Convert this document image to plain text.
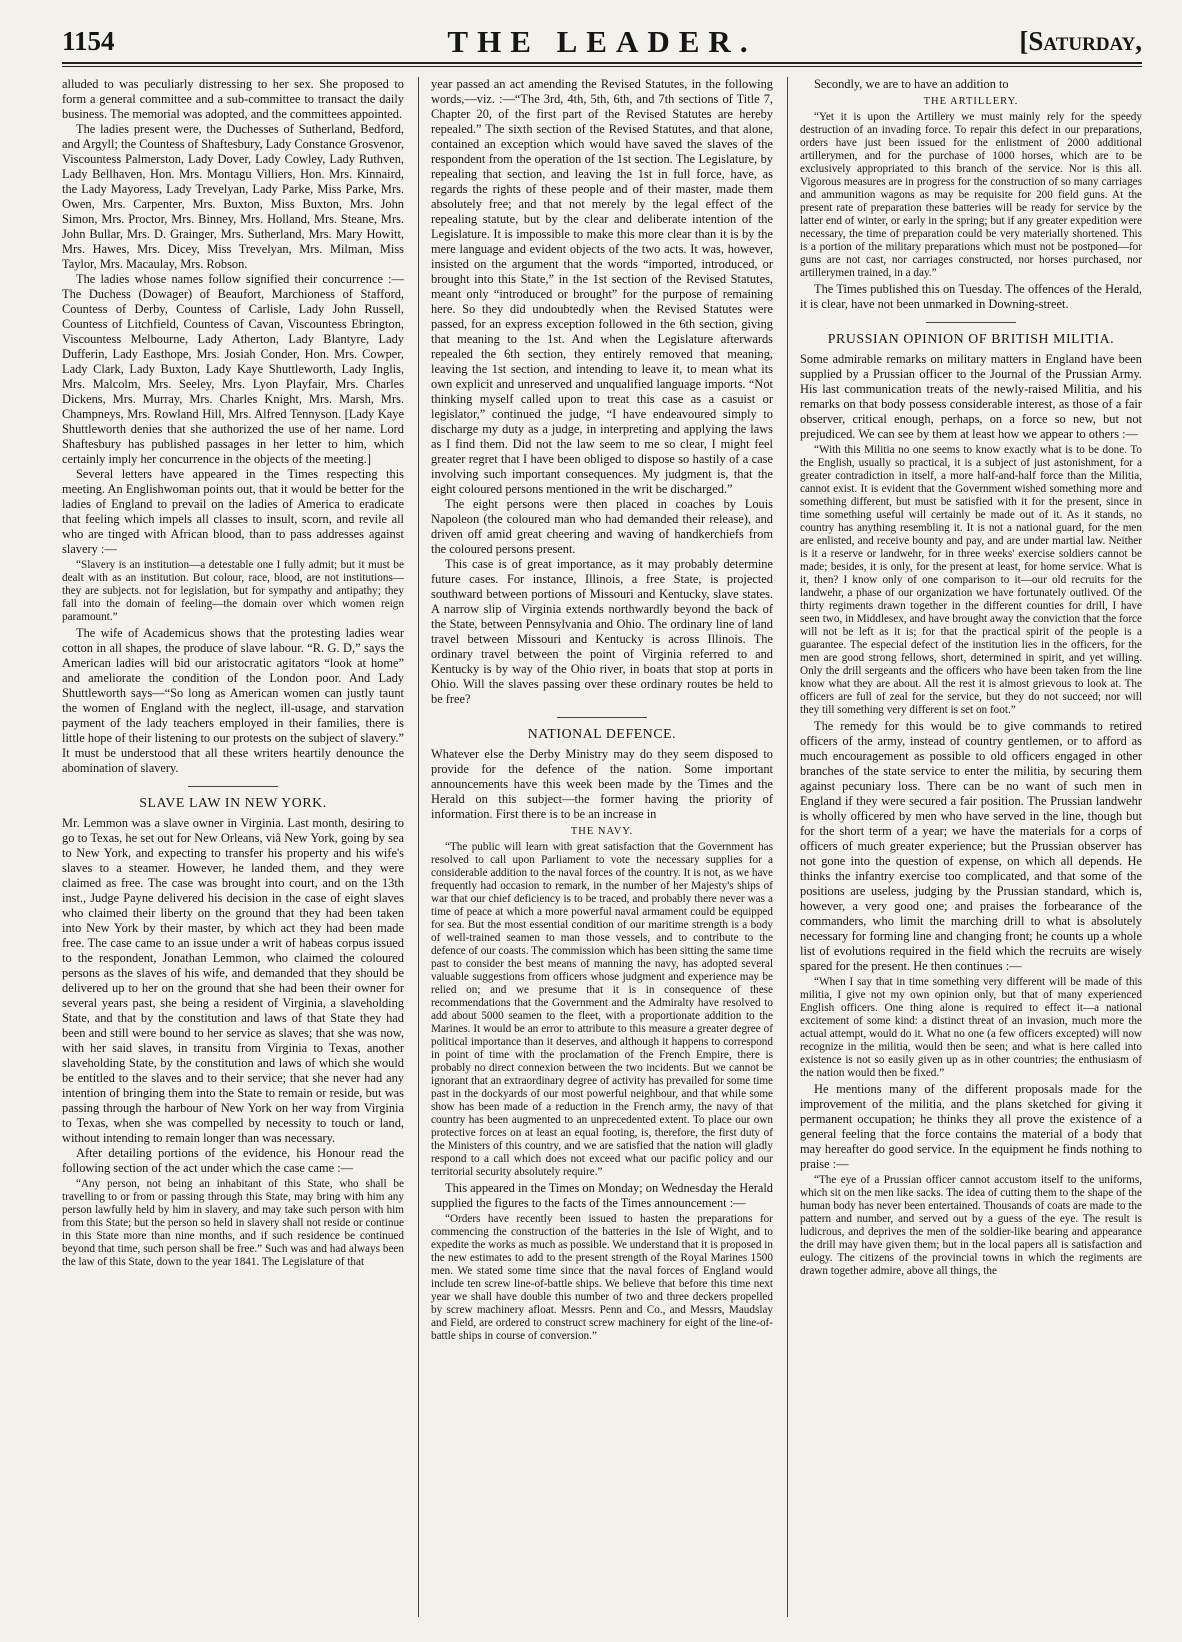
1154	THE LEADER.	[Saturday,

alluded to was peculiarly distressing to her sex. She proposed to form a general committee and a sub-committee to transact the daily business. The memorial was adopted, and the committees appointed.

The ladies present were, the Duchesses of Sutherland, Bedford, and Argyll; the Countess of Shaftesbury, Lady Constance Grosvenor, Viscountess Palmerston, Lady Dover, Lady Cowley, Lady Ruthven, Lady Bellhaven, Hon. Mrs. Montagu Villiers, Hon. Mrs. Kinnaird, the Lady Mayoress, Lady Trevelyan, Lady Parke, Miss Parke, Mrs. Owen, Mrs. Carpenter, Mrs. Buxton, Miss Buxton, Mrs. John Simon, Mrs. Proctor, Mrs. Binney, Mrs. Holland, Mrs. Steane, Mrs. John Bullar, Mrs. D. Grainger, Mrs. Sutherland, Mrs. Mary Howitt, Mrs. Hawes, Mrs. Dicey, Miss Trevelyan, Mrs. Milman, Miss Taylor, Mrs. Macaulay, Mrs. Robson.

The ladies whose names follow signified their concurrence :—The Duchess (Dowager) of Beaufort, Marchioness of Stafford, Countess of Derby, Countess of Carlisle, Lady John Russell, Countess of Litchfield, Countess of Cavan, Viscountess Ebrington, Viscountess Melbourne, Lady Atherton, Lady Blantyre, Lady Dufferin, Lady Easthope, Mrs. Josiah Conder, Hon. Mrs. Cowper, Lady Clark, Lady Buxton, Lady Kaye Shuttleworth, Lady Inglis, Mrs. Malcolm, Mrs. Seeley, Mrs. Lyon Playfair, Mrs. Charles Dickens, Mrs. Murray, Mrs. Charles Knight, Mrs. Marsh, Mrs. Champneys, Mrs. Rowland Hill, Mrs. Alfred Tennyson. [Lady Kaye Shuttleworth denies that she authorized the use of her name. Lord Shaftesbury has published passages in her letter to him, which certainly imply her concurrence in the objects of the meeting.]

Several letters have appeared in the Times respecting this meeting. An Englishwoman points out, that it would be better for the ladies of England to prevail on the ladies of America to eradicate that feeling which impels all classes to insult, scorn, and revile all who are tinged with African blood, than to pass addresses against slavery :—

“Slavery is an institution—a detestable one I fully admit; but it must be dealt with as an institution. But colour, race, blood, are not institutions—they are subjects. not for legislation, but for sympathy and antipathy; they fall into the domain of feeling—the domain over which women reign paramount.”

The wife of Academicus shows that the protesting ladies wear cotton in all shapes, the produce of slave labour. “R. G. D,” says the American ladies will bid our aristocratic agitators “look at home” and ameliorate the condition of the London poor. And Lady Shuttleworth says—“So long as American women can justly taunt the women of England with the neglect, ill-usage, and starvation payment of the lady teachers employed in their families, there is little hope of their listening to our protests on the subject of slavery.” It must be understood that all these writers heartily denounce the abomination of slavery.

SLAVE LAW IN NEW YORK.

Mr. Lemmon was a slave owner in Virginia. Last month, desiring to go to Texas, he set out for New Orleans, viâ New York, going by sea to New York, and expecting to transfer his property and his wife's slaves to a steamer. However, he landed them, and they were claimed as free. The case was brought into court, and on the 13th inst., Judge Payne delivered his decision in the case of eight slaves who claimed their liberty on the ground that they had been taken into New York by their master, by which act they had been made free. The case came to an issue under a writ of habeas corpus issued to the respondent, Jonathan Lemmon, who claimed the coloured persons as the slaves of his wife, and demanded that they should be delivered up to her on the ground that she had been their owner for several years past, she being a resident of Virginia, a slaveholding State, and that by the constitution and laws of that State they had been and still were bound to her service as slaves; that she was now, with her said slaves, in transitu from Virginia to Texas, another slaveholding State, by the constitution and laws of which she would be entitled to the slaves and to their service; that she never had any intention of bringing them into the State to remain or reside, but was passing through the harbour of New York on her way from Virginia to Texas, when she was compelled by necessity to touch or land, without intending to remain longer than was necessary.

After detailing portions of the evidence, his Honour read the following section of the act under which the case came :—

“Any person, not being an inhabitant of this State, who shall be travelling to or from or passing through this State, may bring with him any person lawfully held by him in slavery, and may take such person with him from this State; but the person so held in slavery shall not reside or continue in this State more than nine months, and if such residence be continued beyond that time, such person shall be free.” Such was and had always been the law of this State, down to the year 1841. The Legislature of that

year passed an act amending the Revised Statutes, in the following words,—viz. :—“The 3rd, 4th, 5th, 6th, and 7th sections of Title 7, Chapter 20, of the first part of the Revised Statutes are hereby repealed.” The sixth section of the Revised Statutes, and that alone, contained an exception which would have saved the slaves of the respondent from the operation of the 1st section. The Legislature, by repealing that section, and leaving the 1st in full force, have, as regards the rights of these people and of their master, made them absolutely free; and that not merely by the legal effect of the repealing statute, but by the clear and deliberate intention of the Legislature. It is impossible to make this more clear than it is by the mere language and evident objects of the two acts. It was, however, insisted on the argument that the words “imported, introduced, or brought into this State,” in the 1st section of the Revised Statutes, meant only “introduced or brought” for the purpose of remaining here. So they did undoubtedly when the Revised Statutes were passed, for an express exception followed in the 6th section, giving that meaning to the 1st. And when the Legislature afterwards repealed the 6th section, they entirely removed that meaning, leaving the 1st section, and intending to leave it, to mean what its own explicit and unreserved and unqualified language imports. “Not thinking myself called upon to treat this case as a casuist or legislator,” continued the judge, “I have endeavoured simply to discharge my duty as a judge, in interpreting and applying the laws as I find them. Did not the law seem to me so clear, I might feel greater regret that I have been obliged to dispose so hastily of a case involving such important consequences. My judgment is, that the eight coloured persons mentioned in the writ be discharged.”

The eight persons were then placed in coaches by Louis Napoleon (the coloured man who had demanded their release), and driven off amid great cheering and waving of handkerchiefs from the coloured persons present.

This case is of great importance, as it may probably determine future cases. For instance, Illinois, a free State, is projected southward between portions of Missouri and Kentucky, slave states. A narrow slip of Virginia extends northwardly beyond the back of the State, between Pennsylvania and Ohio. The ordinary line of land travel between Missouri and Kentucky is across Illinois. The ordinary travel between the point of Virginia referred to and Kentucky is by way of the Ohio river, in boats that stop at ports in Ohio. Will the slaves passing over these ordinary routes be held to be free?

NATIONAL DEFENCE.

Whatever else the Derby Ministry may do they seem disposed to provide for the defence of the nation. Some important announcements have this week been made by the Times and the Herald on this subject—the former having the priority of information. First there is to be an increase in

THE NAVY.

“The public will learn with great satisfaction that the Government has resolved to call upon Parliament to vote the necessary supplies for a considerable addition to the naval forces of the country. It is not, as we have frequently had occasion to remark, in the number of her Majesty's ships of war that our chief deficiency is to be traced, and probably there never was a time of peace at which a more powerful naval armament could be equipped for sea. But the most essential condition of our maritime strength is a body of well-trained seamen to man those vessels, and to contribute to the defence of our coasts. The commission which has been sitting the same time past to consider the best means of manning the navy, has adopted several valuable suggestions from officers whose judgment and experience may be relied on; and we presume that it is in consequence of these recommendations that the Government and the Admiralty have resolved to add about 5000 seamen to the fleet, with a proportionate addition to the Marines. It would be an error to attribute to this measure a greater degree of political importance than it deserves, and although it happens to correspond in point of time with the proclamation of the French Empire, there is probably no direct connexion between the two incidents. But we cannot be ignorant that an extraordinary degree of activity has prevailed for some time past in the dockyards of our most powerful neighbour, and that while some show has been made of a reduction in the French army, the navy of that country has been augmented to an unprecedented extent. To place our own protective forces on at least an equal footing, is, therefore, the first duty of the Ministers of this country, and we are satisfied that the nation will gladly respond to a call which does not exceed what our pacific policy and our territorial security absolutely require.”

This appeared in the Times on Monday; on Wednesday the Herald supplied the figures to the facts of the Times announcement :—

“Orders have recently been issued to hasten the preparations for commencing the construction of the batteries in the Isle of Wight, and to expedite the works as much as possible. We understand that it is proposed in the new estimates to add to the present strength of the Royal Marines 1500 men. We stated some time since that the naval forces of England would include ten screw line-of-battle ships. We believe that before this time next year we shall have double this number of two and three deckers propelled by screw machinery afloat. Messrs. Penn and Co., and Messrs, Maudslay and Field, are ordered to construct screw machinery for eight of the line-of-battle ships in course of conversion.”

Secondly, we are to have an addition to

THE ARTILLERY.

“Yet it is upon the Artillery we must mainly rely for the speedy destruction of an invading force. To repair this defect in our preparations, orders have just been issued for the enlistment of 2000 additional artillerymen, and for the purchase of 1000 horses, which are to be exclusively appropriated to this branch of the service. Nor is this all. Vigorous measures are in progress for the construction of so many carriages and ammunition wagons as may be requisite for 200 field guns. At the present rate of preparation these batteries will be ready for service by the latter end of winter, or early in the spring; but if any greater expedition were necessary, the time of preparation could be very materially shortened. This is a portion of the military preparations which must not be postponed—for guns are not cast, nor carriages constructed, nor horses purchased, nor artillerymen trained, in a day.”

The Times published this on Tuesday. The offences of the Herald, it is clear, have not been unmarked in Downing-street.

PRUSSIAN OPINION OF BRITISH MILITIA.

Some admirable remarks on military matters in England have been supplied by a Prussian officer to the Journal of the Prussian Army. His last communication treats of the newly-raised Militia, and his remarks on that body possess considerable interest, as those of a fair observer, critical enough, perhaps, on a force so new, but not prejudiced. We can see by them at least how we appear to others :—

“With this Militia no one seems to know exactly what is to be done. To the English, usually so practical, it is a subject of just astonishment, for a greater contradiction in itself, a more half-and-half force than the Militia, cannot exist. It is evident that the Government wished something more and something different, but must be satisfied with it for the present, since in time something useful will certainly be made out of it. As it stands, no country has anything resembling it. It is not a national guard, for the men are enlisted, and receive bounty and pay, and are under martial law. Neither is it a reserve or landwehr, for in three weeks' exercise soldiers cannot be made; besides, it is only, for the present at least, for home service. What is it, then? I know only of one comparison to it—our old recruits for the landwehr, a phase of our organization we have fortunately outlived. Of the thirty regiments drawn together in the different counties for drill, I have seen two, in Middlesex, and have brought away the conviction that the force will not be left as it is; for that the practical spirit of the people is a guarantee. The especial defect of the institution lies in the officers, for the men are good strong fellows, short, determined in spirit, and yet willing. Only the drill sergeants and the officers who have been taken from the line know what they are about. All the rest it is almost grievous to look at. The officers are full of zeal for the service, but they do not succeed; nor will they till something very different is set on foot.”

The remedy for this would be to give commands to retired officers of the army, instead of country gentlemen, or to afford as much encouragement as possible to old officers engaged in other branches of the state service to enter the militia, by securing them against pecuniary loss. There can be no want of such men in England if they were secured a fair position. The Prussian landwehr is wholly officered by men who have served in the line, though but for the short term of a year; we have the materials for a corps of officers of much greater experience; but the Prussian observer has not gone into the question of expense, on which all depends. He thinks the infantry exercise too complicated, and that some of the positions are useless, judging by the Prussian standard, which is, however, a very good one; and praises the forbearance of the commanders, who limit the marching drill to what is absolutely necessary for forming line and changing front; he counts up a whole list of evolutions required in the field which the recruits are wisely spared for the present. He then continues :—

“When I say that in time something very different will be made of this militia, I give not my own opinion only, but that of many experienced English officers. One thing alone is required to effect it—a national excitement of some kind: a distinct threat of an invasion, much more the actual attempt, would do it. What no one (a few officers excepted) will now recognize in the militia, would then be seen; and what is here called into existence is not so easily given up as in other countries; the enthusiasm of the nation would then be fixed.”

He mentions many of the different proposals made for the improvement of the militia, and the plans sketched for giving it permanent occupation; he thinks they all prove the existence of a general feeling that the force contains the material of a body that may hereafter do good service. In the equipment he finds nothing to praise :—

“The eye of a Prussian officer cannot accustom itself to the uniforms, which sit on the men like sacks. The idea of cutting them to the shape of the human body has never been entertained. Thousands of coats are made to the pattern and number, and served out by a guess of the eye. The result is ludicrous, and deprives the men of the soldier-like bearing and appearance the drill may have given them; but in the local papers all is satisfaction and eulogy. The citizens of the provincial towns in which the regiments are drawn together admire, above all things, the
